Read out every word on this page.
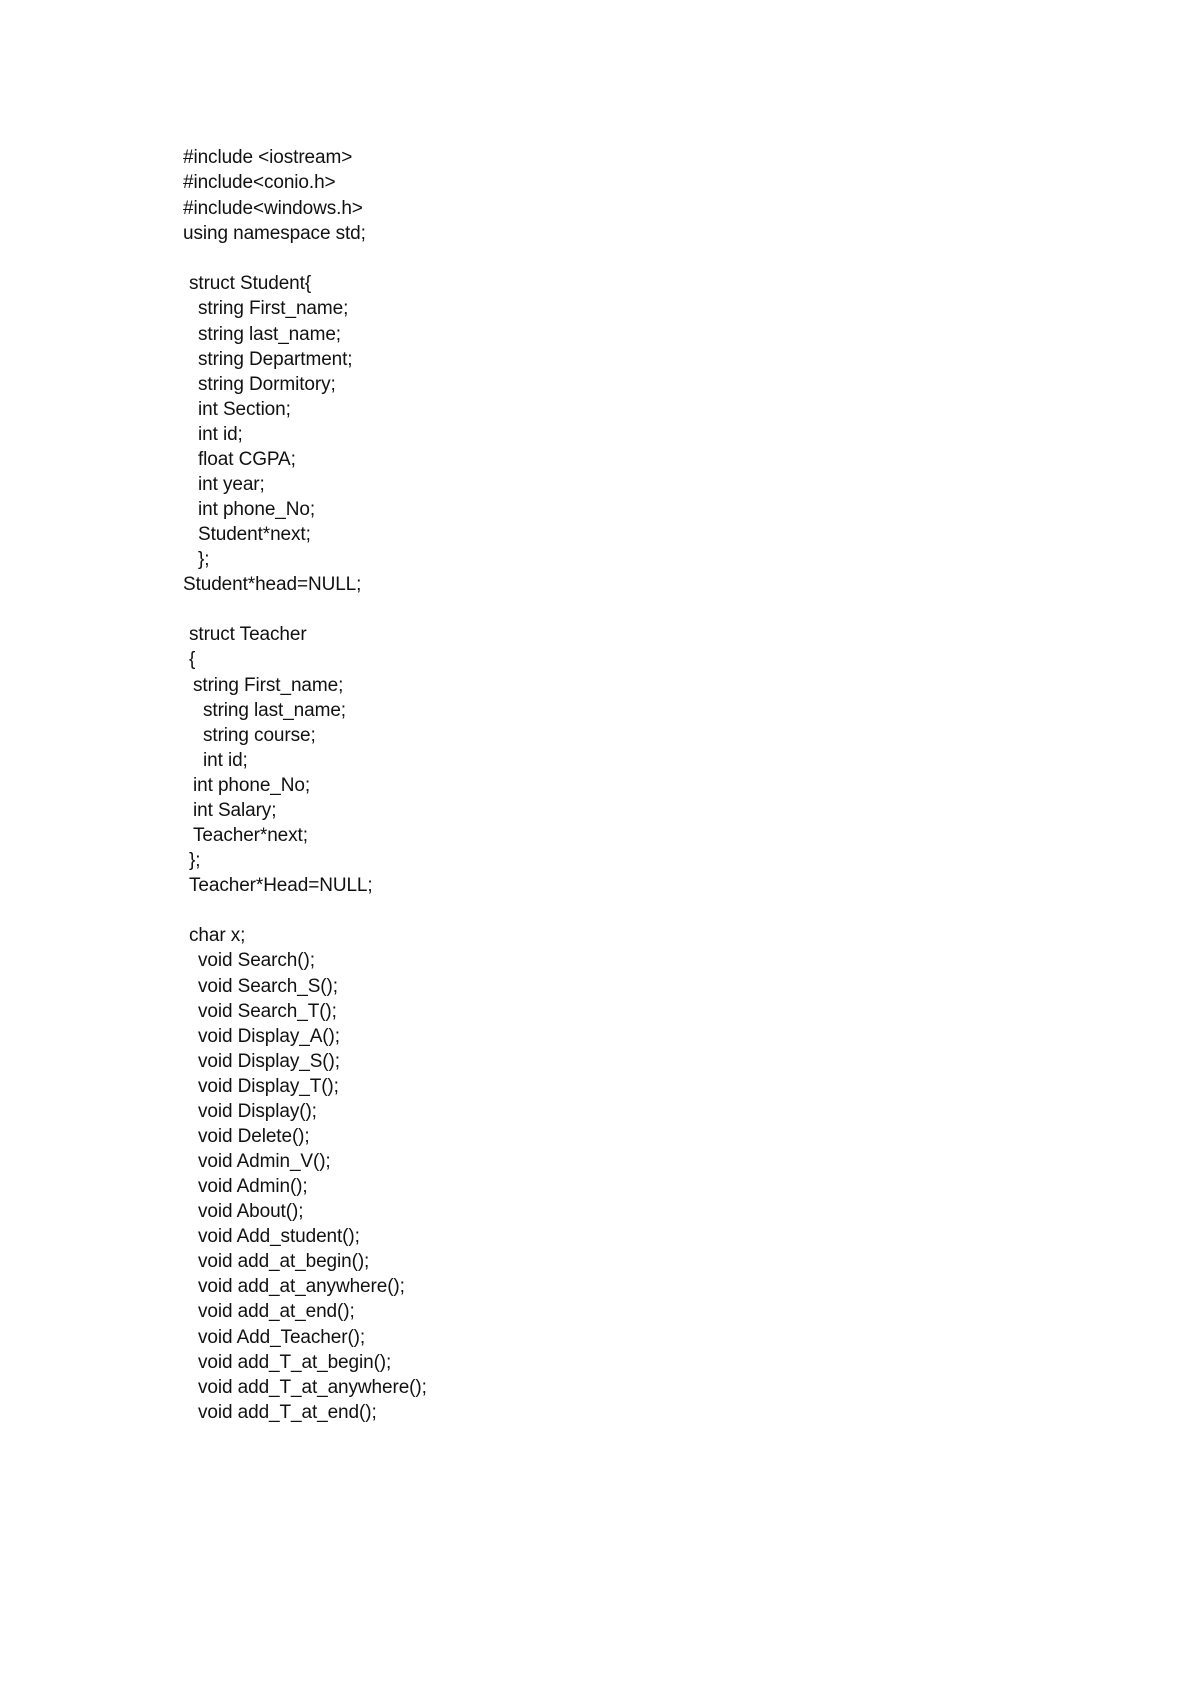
#include <iostream>
#include<conio.h>
#include<windows.h>
using namespace std;
struct Student{
string First_name;
string last_name;
string Department;
string Dormitory;
int Section;
int id;
float CGPA;
int year;
int phone_No;
Student*next;
};
Student*head=NULL;
struct Teacher
{
string First_name;
string last_name;
string course;
int id;
int phone_No;
int Salary;
Teacher*next;
};
Teacher*Head=NULL;
char x;
void Search();
void Search_S();
void Search_T();
void Display_A();
void Display_S();
void Display_T();
void Display();
void Delete();
void Admin_V();
void Admin();
void About();
void Add_student();
void add_at_begin();
void add_at_anywhere();
void add_at_end();
void Add_Teacher();
void add_T_at_begin();
void add_T_at_anywhere();
void add_T_at_end();
